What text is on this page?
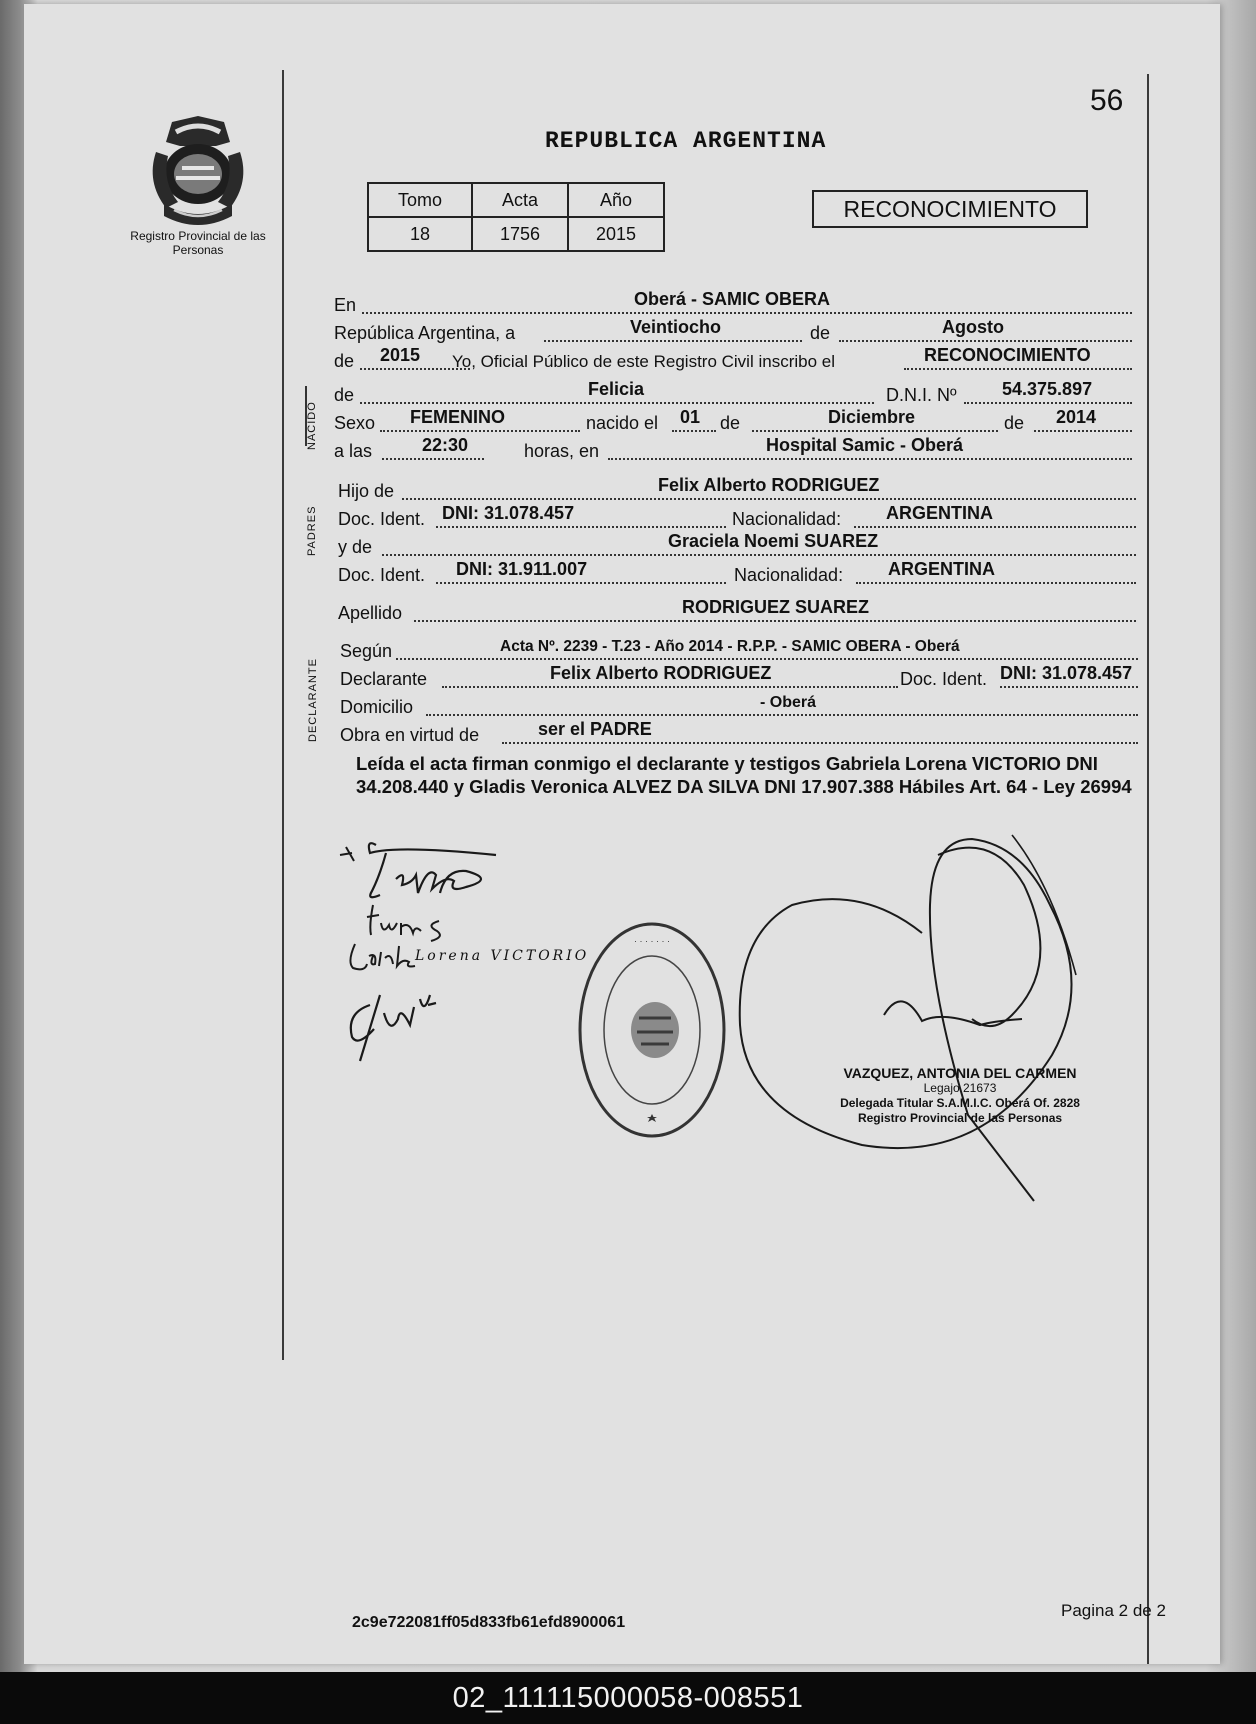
56
REPUBLICA ARGENTINA
Registro Provincial de las Personas
Tomo	Acta	Año
18	1756	2015
RECONOCIMIENTO
NACIDO
PADRES
DECLARANTE
En	Oberá - SAMIC OBERA
República Argentina, a	Veintiocho	de	Agosto
de 2015 Yo, Oficial Público de este Registro Civil inscribo el	RECONOCIMIENTO
de	Felicia	D.N.I. Nº	54.375.897
Sexo FEMENINO	nacido el 01 de	Diciembre	de 2014
a las	22:30	horas, en	Hospital Samic - Oberá
Hijo de	Felix Alberto RODRIGUEZ
Doc. Ident. DNI: 31.078.457	Nacionalidad: ARGENTINA
y de	Graciela Noemi SUAREZ
Doc. Ident. DNI: 31.911.007	Nacionalidad: ARGENTINA
Apellido	RODRIGUEZ SUAREZ
Según	Acta Nº. 2239 - T.23 - Año 2014 - R.P.P. - SAMIC OBERA - Oberá
Declarante	Felix Alberto RODRIGUEZ	Doc. Ident. DNI: 31.078.457
Domicilio	- Oberá
Obra en virtud de	ser el PADRE
Leída el acta firman conmigo el declarante y testigos Gabriela Lorena VICTORIO DNI 34.208.440 y Gladis Veronica ALVEZ DA SILVA DNI 17.907.388 Hábiles Art. 64 - Ley 26994
Lorena VICTORIO
· · · · · · ·
VAZQUEZ, ANTONIA DEL CARMEN
Legajo 21673
Delegada Titular S.A.M.I.C. Oberá Of. 2828
Registro Provincial de las Personas
2c9e722081ff05d833fb61efd8900061
Pagina 2 de 2
02_111115000058-008551
